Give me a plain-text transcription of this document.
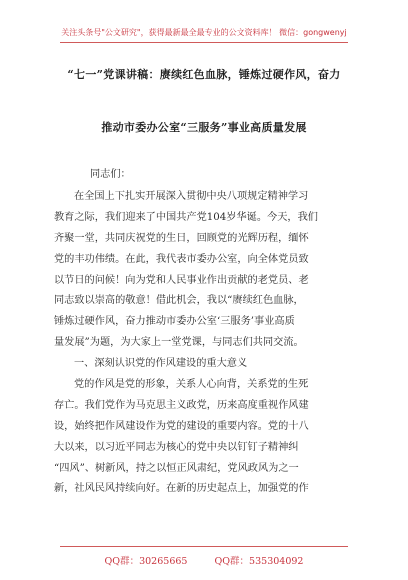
关注头条号"公文研究"，获得最新最全最专业的公文资料库！ 微信：gongwenyj
“七一”党课讲稿：赓续红色血脉，锤炼过硬作风，奋力
推动市委办公室“三服务”事业高质量发展
同志们：
在全国上下扎实开展深入贯彻中央八项规定精神学习
教育之际，我们迎来了中国共产党104岁华诞。今天，我们
齐聚一堂，共同庆祝党的生日，回顾党的光辉历程，缅怀
党的丰功伟绩。在此，我代表市委办公室，向全体党员致
以节日的问候！向为党和人民事业作出贡献的老党员、老
同志致以崇高的敬意！借此机会，我以“赓续红色血脉，
锤炼过硬作风，奋力推动市委办公室‘三服务’事业高质
量发展”为题，为大家上一堂党课，与同志们共同交流。
一、深刻认识党的作风建设的重大意义
党的作风是党的形象，关系人心向背，关系党的生死
存亡。我们党作为马克思主义政党，历来高度重视作风建
设，始终把作风建设作为党的建设的重要内容。党的十八
大以来，以习近平同志为核心的党中央以钉钉子精神纠
“四风”、树新风，持之以恒正风肃纪，党风政风为之一
新，社风民风持续向好。在新的历史起点上，加强党的作
QQ群：30265665	QQ群：535304092
